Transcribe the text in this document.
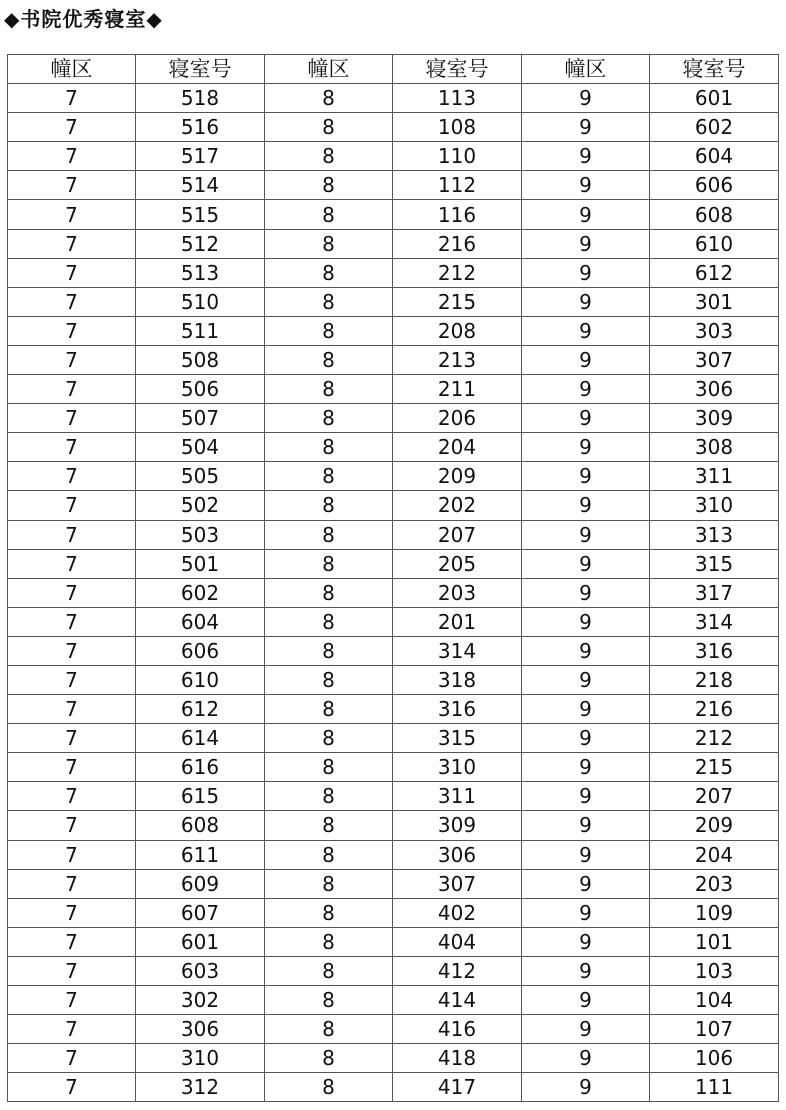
◆书院优秀寝室◆
幢区	寝室号	幢区	寝室号	幢区	寝室号
7	518	8	113	9	601
7	516	8	108	9	602
7	517	8	110	9	604
7	514	8	112	9	606
7	515	8	116	9	608
7	512	8	216	9	610
7	513	8	212	9	612
7	510	8	215	9	301
7	511	8	208	9	303
7	508	8	213	9	307
7	506	8	211	9	306
7	507	8	206	9	309
7	504	8	204	9	308
7	505	8	209	9	311
7	502	8	202	9	310
7	503	8	207	9	313
7	501	8	205	9	315
7	602	8	203	9	317
7	604	8	201	9	314
7	606	8	314	9	316
7	610	8	318	9	218
7	612	8	316	9	216
7	614	8	315	9	212
7	616	8	310	9	215
7	615	8	311	9	207
7	608	8	309	9	209
7	611	8	306	9	204
7	609	8	307	9	203
7	607	8	402	9	109
7	601	8	404	9	101
7	603	8	412	9	103
7	302	8	414	9	104
7	306	8	416	9	107
7	310	8	418	9	106
7	312	8	417	9	111
